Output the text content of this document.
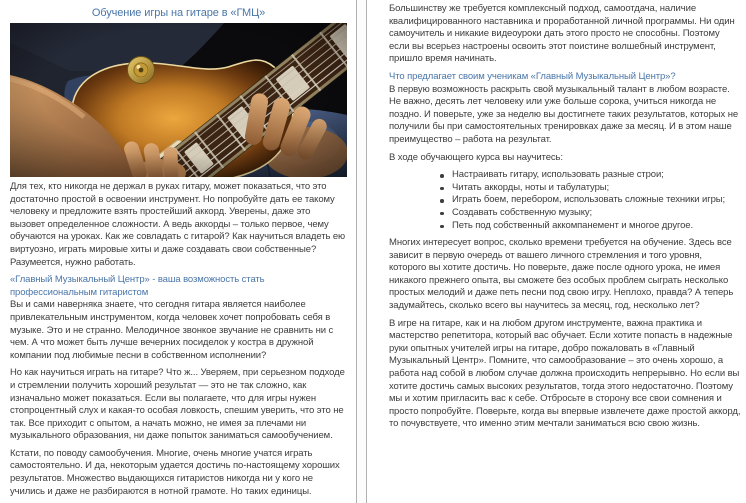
Обучение игры на гитаре в «ГМЦ»

Для тех, кто никогда не держал в руках гитару, может показаться, что это достаточно простой в освоении инструмент. Но попробуйте дать ее такому человеку и предложите взять простейший аккорд. Уверены, даже это вызовет определенное сложности. А ведь аккорды – только первое, чему обучаются на уроках. Как же совладать с гитарой? Как научиться владеть ею виртуозно, играть мировые хиты и даже создавать свои собственные? Разумеется, нужно работать.

«Главный Музыкальный Центр» - ваша возможность стать профессиональным гитаристом

Вы и сами наверняка знаете, что сегодня гитара является наиболее привлекательным инструментом, когда человек хочет попробовать себя в музыке. Это и не странно. Мелодичное звонкое звучание не сравнить ни с чем. А что может быть лучше вечерних посиделок у костра в дружной компании под любимые песни в собственном исполнении?

Но как научиться играть на гитаре? Что ж... Уверяем, при серьезном подходе и стремлении получить хороший результат — это не так сложно, как изначально может показаться. Если вы полагаете, что для игры нужен стопроцентный слух и какая-то особая ловкость, спешим уверить, что это не так. Все приходит с опытом, а начать можно, не имея за плечами ни музыкального образования, ни даже попыток заниматься самообучением.

Кстати, по поводу самообучения. Многие, очень многие учатся играть самостоятельно. И да, некоторым удается достичь по-настоящему хороших результатов. Множество выдающихся гитаристов никогда ни у кого не учились и даже не разбираются в нотной грамоте. Но таких единицы.

Большинству же требуется комплексный подход, самоотдача, наличие квалифицированного наставника и проработанной личной программы. Ни один самоучитель и никакие видеоуроки дать этого просто не способны. Поэтому если вы всерьез настроены освоить этот поистине волшебный инструмент, пришло время начинать.

Что предлагает своим ученикам «Главный Музыкальный Центр»?

В первую возможность раскрыть свой музыкальный талант в любом возрасте. Не важно, десять лет человеку или уже больше сорока, учиться никогда не поздно. И поверьте, уже за неделю вы достигнете таких результатов, которых не получили бы при самостоятельных тренировках даже за месяц. И в этом наше преимущество – работа на результат.

В ходе обучающего курса вы научитесь:

Настраивать гитару, использовать разные строи;
Читать аккорды, ноты и табулатуры;
Играть боем, перебором, использовать сложные техники игры;
Создавать собственную музыку;
Петь под собственный аккомпанемент и многое другое.

Многих интересует вопрос, сколько времени требуется на обучение. Здесь все зависит в первую очередь от вашего личного стремления и того уровня, которого вы хотите достичь. Но поверьте, даже после одного урока, не имея никакого прежнего опыта, вы сможете без особых проблем сыграть несколько простых мелодий и даже петь песни под свою игру. Неплохо, правда? А теперь задумайтесь, сколько всего вы научитесь за месяц, год, несколько лет?

В игре на гитаре, как и на любом другом инструменте, важна практика и мастерство репетитора, который вас обучает. Если хотите попасть в надежные руки опытных учителей игры на гитаре, добро пожаловать в «Главный Музыкальный Центр». Помните, что самообразование – это очень хорошо, а работа над собой в любом случае должна происходить непрерывно. Но если вы хотите достичь самых высоких результатов, тогда этого недостаточно. Поэтому мы и хотим пригласить вас к себе. Отбросьте в сторону все свои сомнения и просто попробуйте. Поверьте, когда вы впервые извлечете даже простой аккорд, то почувствуете, что именно этим мечтали заниматься всю свою жизнь.
